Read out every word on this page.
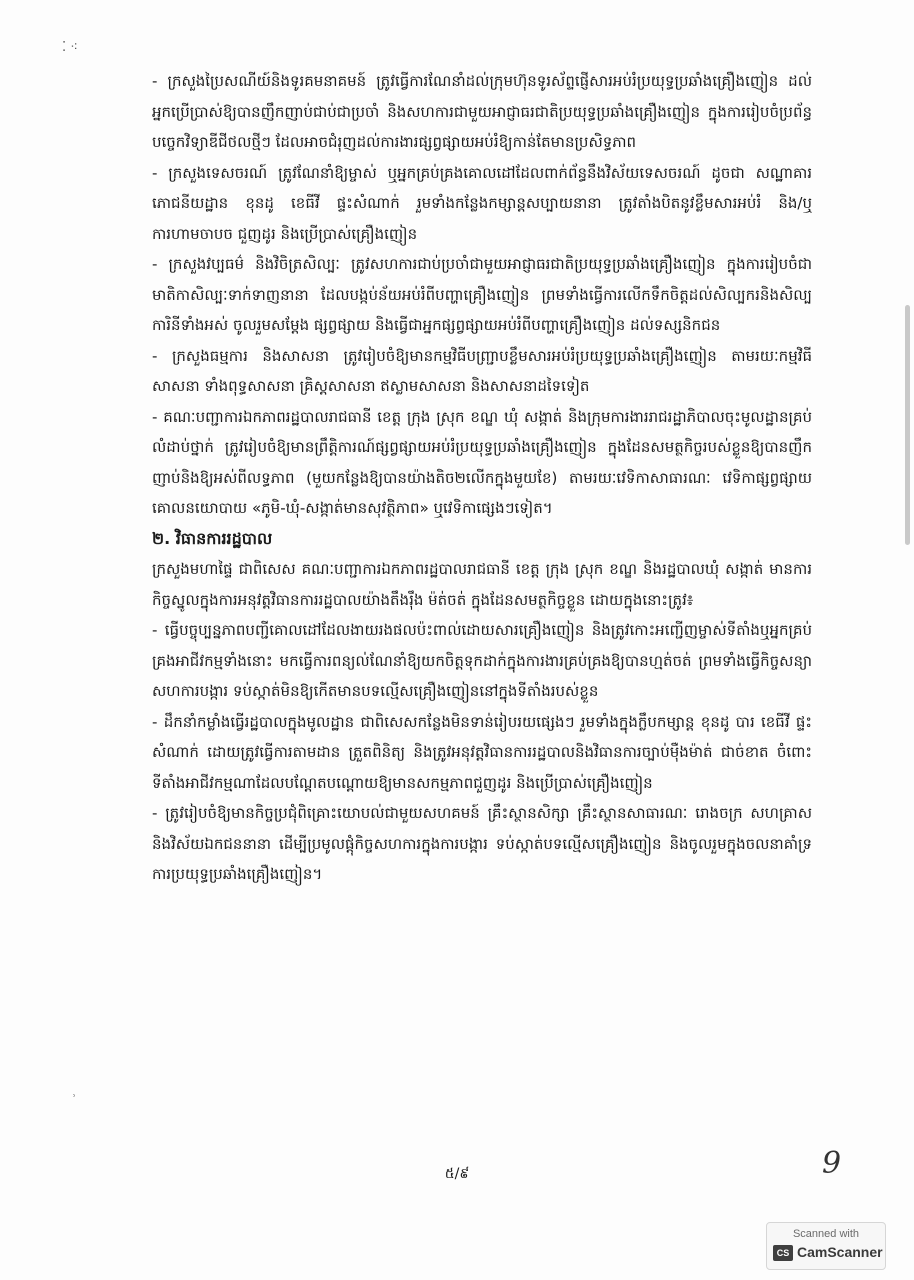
⁚ ⁖
⸒

- ក្រសួងប្រៃសណីយ៍និងទូរគមនាគមន៍ ត្រូវធ្វើការណែនាំដល់ក្រុមហ៊ុនទូរស័ព្ទផ្ញើសារអប់រំប្រយុទ្ធប្រឆាំងគ្រឿងញៀន ដល់អ្នកប្រើប្រាស់ឱ្យបានញឹកញាប់ជាប់ជាប្រចាំ និងសហការជាមួយអាជ្ញាធរជាតិប្រយុទ្ធប្រឆាំងគ្រឿងញៀន ក្នុងការរៀបចំប្រព័ន្ធបច្ចេកវិទ្យាឌីជីថលថ្មីៗ ដែលអាចជំរុញដល់ការងារផ្សព្វផ្សាយអប់រំឱ្យកាន់តែមានប្រសិទ្ធភាព

- ក្រសួងទេសចរណ៍ ត្រូវណែនាំឱ្យម្ចាស់ ឬអ្នកគ្រប់គ្រងគោលដៅដែលពាក់ព័ន្ធនឹងវិស័យទេសចរណ៍ ដូចជា សណ្ឋាគារ ភោជនីយដ្ឋាន ខុនដូ ខេធីវី ផ្ទះសំណាក់ រួមទាំងកន្លែងកម្សាន្តសប្បាយនានា ត្រូវតាំងបិតនូវខ្លឹមសារអប់រំ និង/ឬ ការហាមចាបច ជួញដូរ និងប្រើប្រាស់គ្រឿងញៀន

- ក្រសួងវប្បធម៌ និងវិចិត្រសិល្បៈ ត្រូវសហការជាប់ប្រចាំជាមួយអាជ្ញាធរជាតិប្រយុទ្ធប្រឆាំងគ្រឿងញៀន ក្នុងការរៀបចំជាមាតិកាសិល្បៈទាក់ទាញនានា ដែលបង្កប់ន័យអប់រំពីបញ្ហាគ្រឿងញៀន ព្រមទាំងធ្វើការលើកទឹកចិត្តដល់សិល្បករនិងសិល្បការិនីទាំងអស់ ចូលរួមសម្តែង ផ្សព្វផ្សាយ និងធ្វើជាអ្នកផ្សព្វផ្សាយអប់រំពីបញ្ហាគ្រឿងញៀន ដល់ទស្សនិកជន

- ក្រសួងធម្មការ និងសាសនា ត្រូវរៀបចំឱ្យមានកម្មវិធីបញ្ជ្រាបខ្លឹមសារអប់រំប្រយុទ្ធប្រឆាំងគ្រឿងញៀន តាមរយៈកម្មវិធីសាសនា ទាំងពុទ្ធសាសនា គ្រិស្តសាសនា ឥស្លាមសាសនា និងសាសនាដទៃទៀត

- គណៈបញ្ជាការឯកភាពរដ្ឋបាលរាជធានី ខេត្ត ក្រុង ស្រុក ខណ្ឌ ឃុំ សង្កាត់ និងក្រុមការងាររាជរដ្ឋាភិបាលចុះមូលដ្ឋានគ្រប់លំដាប់ថ្នាក់ ត្រូវរៀបចំឱ្យមានព្រឹត្តិការណ៍ផ្សព្វផ្សាយអប់រំប្រយុទ្ធប្រឆាំងគ្រឿងញៀន ក្នុងដែនសមត្ថកិច្ចរបស់ខ្លួនឱ្យបានញឹកញាប់និងឱ្យអស់ពីលទ្ធភាព (មួយកន្លែងឱ្យបានយ៉ាងតិច២លើកក្នុងមួយខែ) តាមរយៈវេទិកាសាធារណៈ វេទិកាផ្សព្វផ្សាយគោលនយោបាយ «ភូមិ-ឃុំ-សង្កាត់មានសុវត្ថិភាព» ឬវេទិកាផ្សេងៗទៀត។

២. វិធានការរដ្ឋបាល

ក្រសួងមហាផ្ទៃ ជាពិសេស គណៈបញ្ជាការឯកភាពរដ្ឋបាលរាជធានី ខេត្ត ក្រុង ស្រុក ខណ្ឌ និងរដ្ឋបាលឃុំ សង្កាត់ មានការកិច្ចស្នូលក្នុងការអនុវត្តវិធានការរដ្ឋបាលយ៉ាងតឹងរ៉ឹង ម៉ត់ចត់ ក្នុងដែនសមត្ថកិច្ចខ្លួន ដោយក្នុងនោះត្រូវ៖

- ធ្វើបច្ចុប្បន្នភាពបញ្ជីគោលដៅដែលងាយរងផលប៉ះពាល់ដោយសារគ្រឿងញៀន និងត្រូវកោះអញ្ជើញម្ចាស់ទីតាំងឬអ្នកគ្រប់គ្រងអាជីវកម្មទាំងនោះ មកធ្វើការពន្យល់ណែនាំឱ្យយកចិត្តទុកដាក់ក្នុងការងារគ្រប់គ្រងឱ្យបានហ្មត់ចត់ ព្រមទាំងធ្វើកិច្ចសន្យាសហការបង្ការ ទប់ស្កាត់មិនឱ្យកើតមានបទល្មើសគ្រឿងញៀននៅក្នុងទីតាំងរបស់ខ្លួន

- ដឹកនាំកម្លាំងធ្វើរដ្ឋបាលក្នុងមូលដ្ឋាន ជាពិសេសកន្លែងមិនទាន់រៀបរយផ្សេងៗ រួមទាំងក្នុងក្លឹបកម្សាន្ត ខុនដូ បារ ខេធីវី ផ្ទះសំណាក់ ដោយត្រូវធ្វើការតាមដាន ត្រួតពិនិត្យ និងត្រូវអនុវត្តវិធានការរដ្ឋបាលនិងវិធានការច្បាប់ម៉ឺងម៉ាត់ ជាច់ខាត ចំពោះទីតាំងអាជីវកម្មណាដែលបណ្តែតបណ្តោយឱ្យមានសកម្មភាពជួញដូរ និងប្រើប្រាស់គ្រឿងញៀន

- ត្រូវរៀបចំឱ្យមានកិច្ចប្រជុំពិគ្រោះយោបល់ជាមួយសហគមន៍ គ្រឹះស្ថានសិក្សា គ្រឹះស្ថានសាធារណៈ រោងចក្រ សហគ្រាស និងវិស័យឯកជននានា ដើម្បីប្រមូលផ្តុំកិច្ចសហការក្នុងការបង្ការ ទប់ស្កាត់បទល្មើសគ្រឿងញៀន និងចូលរួមក្នុងចលនាគាំទ្រការប្រយុទ្ធប្រឆាំងគ្រឿងញៀន។

៥/៩	9
Scanned with
CS CamScanner
